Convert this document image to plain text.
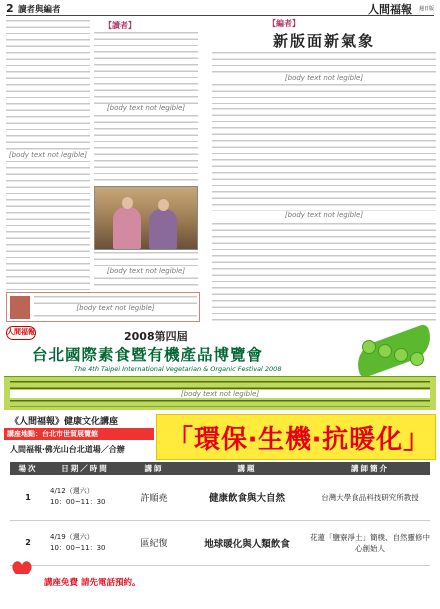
2 讀者與編者	人間福報 週日版
【讀者】
[body text not legible]
[body text not legible]
[body text not legible]
[body text not legible]
【編者】
新版面新氣象
[body text not legible]
[body text not legible]
人間福報	2008第四屆
台北國際素食暨有機產品博覽會
The 4th Taipei International Vegetarian & Organic Festival 2008
[body text not legible]
《人間福報》健康文化講座
講座地點：台北市世貿展覽館
人間福報‧佛光山台北道場／合辦 「環保‧生機‧抗暖化」
場次	日期／時間	講師	講題	講師簡介
1	4/12（週六）
10：00~11：30	許順堯	健康飲食與大自然	台灣大學食品科技研究所教授
2	4/19（週六）
10：00~11：30	區紀復	地球暖化與人類飲食	花蓮「鹽寮淨土」簡樸、自然靈修中心創始人
講座免費 請先電話預約。
